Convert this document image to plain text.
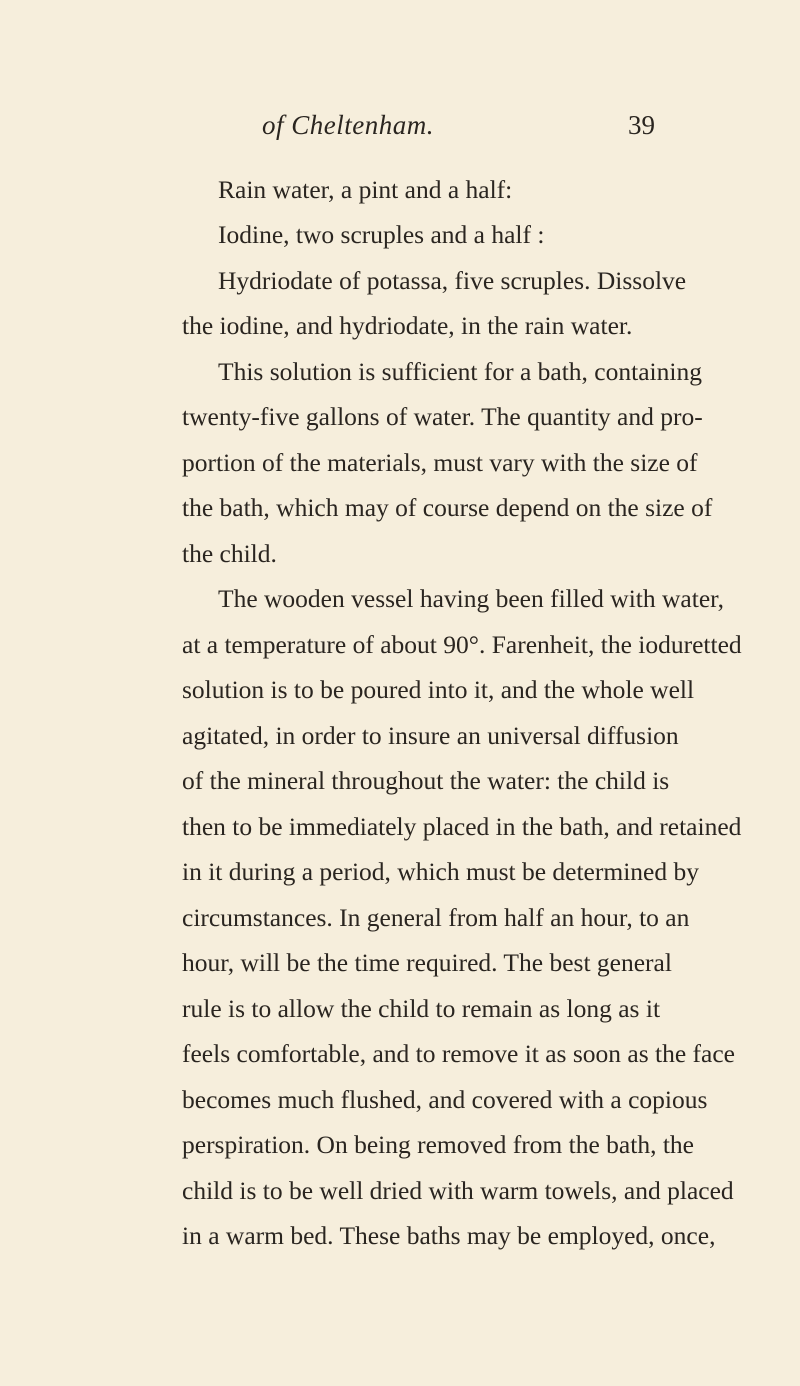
of Cheltenham.	39
Rain water, a pint and a half:
Iodine, two scruples and a half :
Hydriodate of potassa, five scruples. Dissolve
the iodine, and hydriodate, in the rain water.
This solution is sufficient for a bath, containing
twenty-five gallons of water. The quantity and pro-
portion of the materials, must vary with the size of
the bath, which may of course depend on the size of
the child.
The wooden vessel having been filled with water,
at a temperature of about 90°. Farenheit, the ioduretted
solution is to be poured into it, and the whole well
agitated, in order to insure an universal diffusion
of the mineral throughout the water: the child is
then to be immediately placed in the bath, and retained
in it during a period, which must be determined by
circumstances. In general from half an hour, to an
hour, will be the time required. The best general
rule is to allow the child to remain as long as it
feels comfortable, and to remove it as soon as the face
becomes much flushed, and covered with a copious
perspiration. On being removed from the bath, the
child is to be well dried with warm towels, and placed
in a warm bed. These baths may be employed, once,
